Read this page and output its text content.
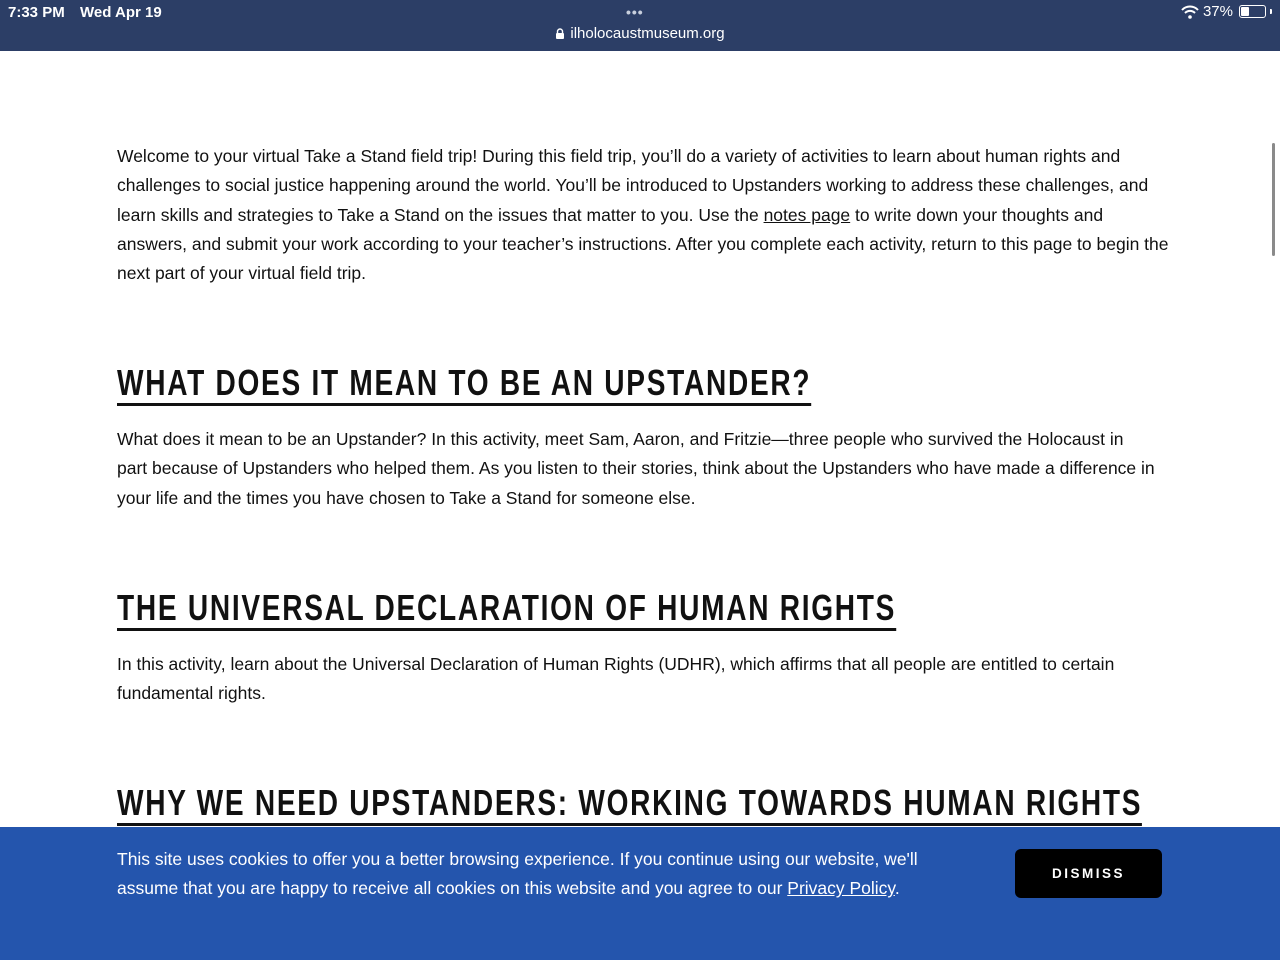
7:33 PM Wed Apr 19	•••
ilholocaustmuseum.org
37%

Welcome to your virtual Take a Stand field trip! During this field trip, you’ll do a variety of activities to learn about human rights and challenges to social justice happening around the world. You’ll be introduced to Upstanders working to address these challenges, and learn skills and strategies to Take a Stand on the issues that matter to you. Use the notes page to write down your thoughts and answers, and submit your work according to your teacher’s instructions. After you complete each activity, return to this page to begin the next part of your virtual field trip.

WHAT DOES IT MEAN TO BE AN UPSTANDER?

What does it mean to be an Upstander? In this activity, meet Sam, Aaron, and Fritzie—three people who survived the Holocaust in part because of Upstanders who helped them. As you listen to their stories, think about the Upstanders who have made a difference in your life and the times you have chosen to Take a Stand for someone else.

THE UNIVERSAL DECLARATION OF HUMAN RIGHTS

In this activity, learn about the Universal Declaration of Human Rights (UDHR), which affirms that all people are entitled to certain fundamental rights.

WHY WE NEED UPSTANDERS: WORKING TOWARDS HUMAN RIGHTS

This site uses cookies to offer you a better browsing experience. If you continue using our website, we'll assume that you are happy to receive all cookies on this website and you agree to our Privacy Policy.

DISMISS
